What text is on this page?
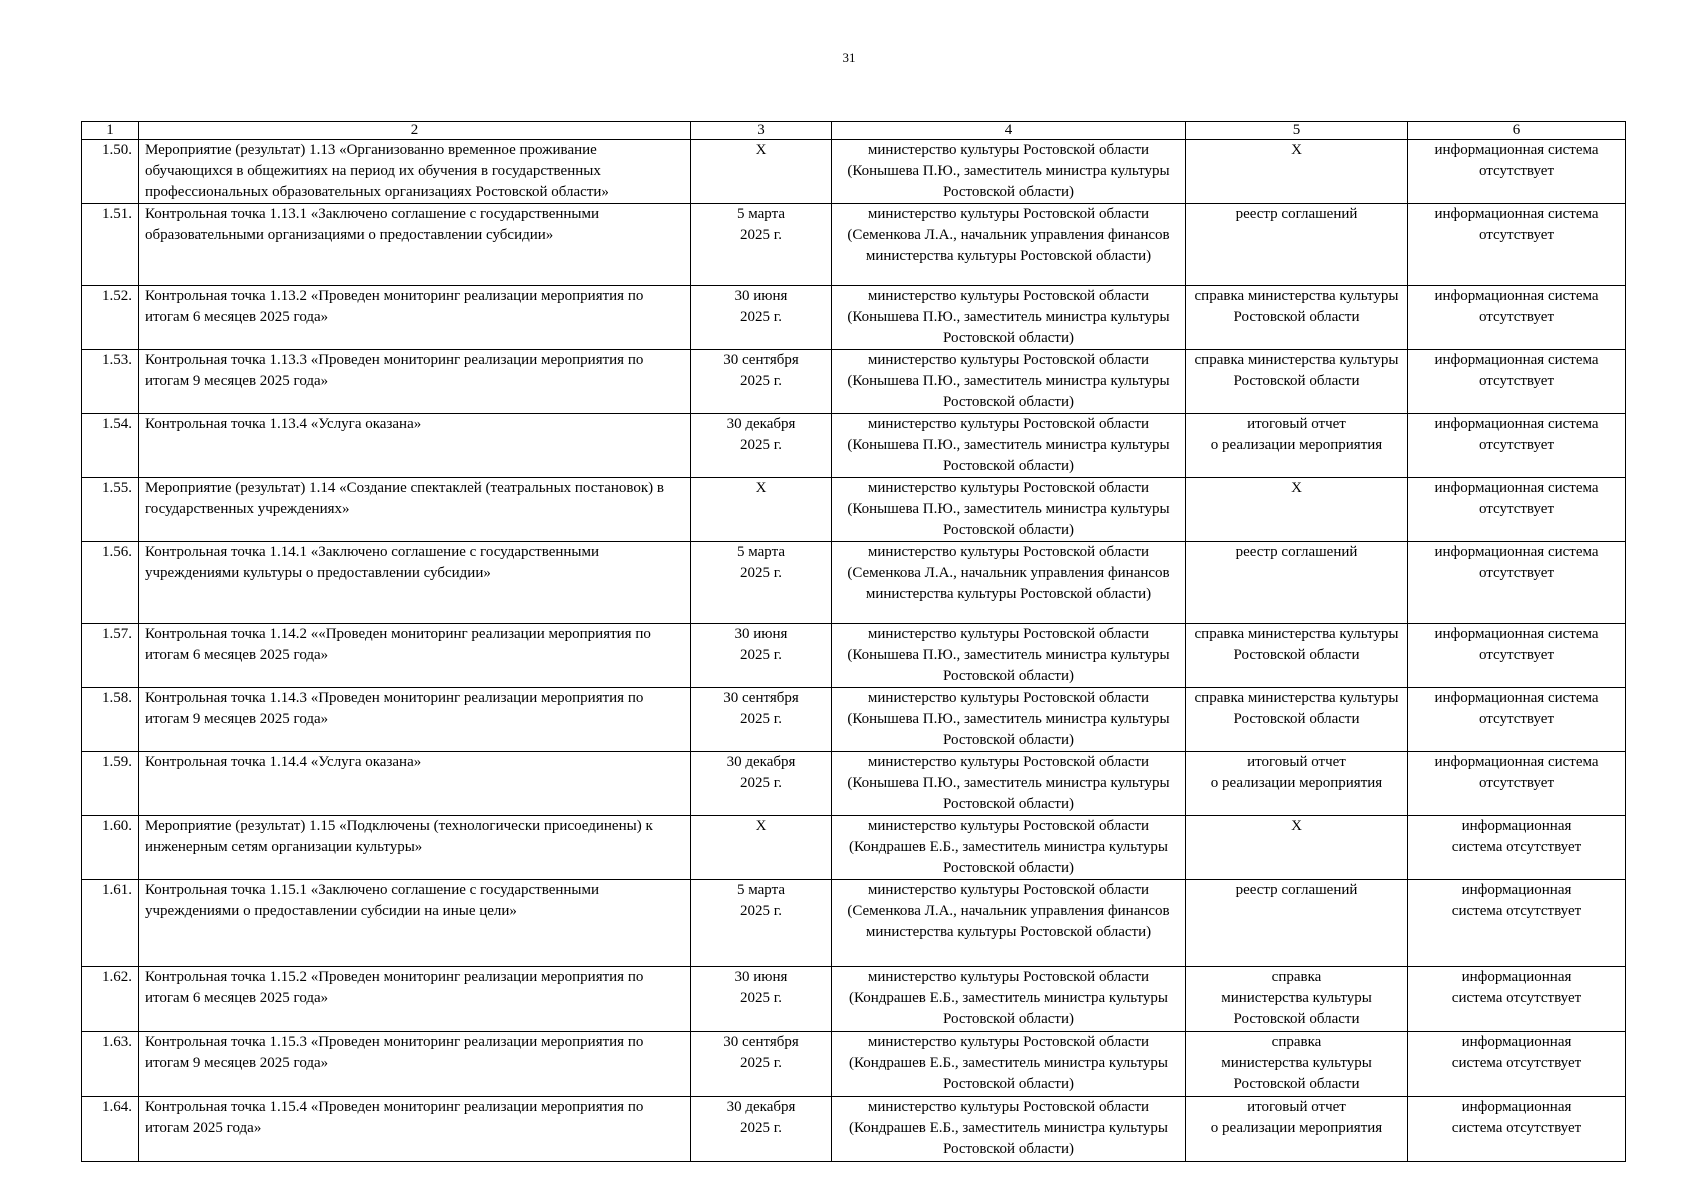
31
1	2	3	4	5	6
1.50.	Мероприятие (результат) 1.13 «Организованно временное проживание обучающихся в общежитиях на период их обучения в государственных профессиональных образовательных организациях Ростовской области»	X	министерство культуры Ростовской области (Конышева П.Ю., заместитель министра культуры Ростовской области)	X	информационная система отсутствует
1.51.	Контрольная точка 1.13.1 «Заключено соглашение с государственными образовательными организациями о предоставлении субсидии»	5 марта
2025 г.	министерство культуры Ростовской области (Семенкова Л.А., начальник управления финансов министерства культуры Ростовской области)	реестр соглашений	информационная система отсутствует
1.52.	Контрольная точка 1.13.2 «Проведен мониторинг реализации мероприятия по итогам 6 месяцев 2025 года»	30 июня
2025 г.	министерство культуры Ростовской области (Конышева П.Ю., заместитель министра культуры Ростовской области)	справка министерства культуры Ростовской области	информационная система отсутствует
1.53.	Контрольная точка 1.13.3 «Проведен мониторинг реализации мероприятия по итогам 9 месяцев 2025 года»	30 сентября
2025 г.	министерство культуры Ростовской области (Конышева П.Ю., заместитель министра культуры Ростовской области)	справка министерства культуры Ростовской области	информационная система отсутствует
1.54.	Контрольная точка 1.13.4 «Услуга оказана»	30 декабря
2025 г.	министерство культуры Ростовской области (Конышева П.Ю., заместитель министра культуры Ростовской области)	итоговый отчет
о реализации мероприятия	информационная система отсутствует
1.55.	Мероприятие (результат) 1.14 «Создание спектаклей (театральных постановок) в государственных учреждениях»	X	министерство культуры Ростовской области (Конышева П.Ю., заместитель министра культуры Ростовской области)	X	информационная система отсутствует
1.56.	Контрольная точка 1.14.1 «Заключено соглашение с государственными учреждениями культуры о предоставлении субсидии»	5 марта
2025 г.	министерство культуры Ростовской области (Семенкова Л.А., начальник управления финансов министерства культуры Ростовской области)	реестр соглашений	информационная система отсутствует
1.57.	Контрольная точка 1.14.2 ««Проведен мониторинг реализации мероприятия по итогам 6 месяцев 2025 года»	30 июня
2025 г.	министерство культуры Ростовской области (Конышева П.Ю., заместитель министра культуры Ростовской области)	справка министерства культуры Ростовской области	информационная система отсутствует
1.58.	Контрольная точка 1.14.3 «Проведен мониторинг реализации мероприятия по итогам 9 месяцев 2025 года»	30 сентября
2025 г.	министерство культуры Ростовской области (Конышева П.Ю., заместитель министра культуры Ростовской области)	справка министерства культуры Ростовской области	информационная система отсутствует
1.59.	Контрольная точка 1.14.4 «Услуга оказана»	30 декабря
2025 г.	министерство культуры Ростовской области (Конышева П.Ю., заместитель министра культуры Ростовской области)	итоговый отчет
о реализации мероприятия	информационная система отсутствует
1.60.	Мероприятие (результат) 1.15 «Подключены (технологически присоединены) к инженерным сетям организации культуры»	X	министерство культуры Ростовской области (Кондрашев Е.Б., заместитель министра культуры Ростовской области)	X	информационная
система отсутствует
1.61.	Контрольная точка 1.15.1 «Заключено соглашение с государственными учреждениями о предоставлении субсидии на иные цели»	5 марта
2025 г.	министерство культуры Ростовской области (Семенкова Л.А., начальник управления финансов министерства культуры Ростовской области)	реестр соглашений	информационная
система отсутствует
1.62.	Контрольная точка 1.15.2 «Проведен мониторинг реализации мероприятия по итогам 6 месяцев 2025 года»	30 июня
2025 г.	министерство культуры Ростовской области (Кондрашев Е.Б., заместитель министра культуры Ростовской области)	справка
министерства культуры Ростовской области	информационная
система отсутствует
1.63.	Контрольная точка 1.15.3 «Проведен мониторинг реализации мероприятия по итогам 9 месяцев 2025 года»	30 сентября
2025 г.	министерство культуры Ростовской области (Кондрашев Е.Б., заместитель министра культуры Ростовской области)	справка
министерства культуры Ростовской области	информационная
система отсутствует
1.64.	Контрольная точка 1.15.4 «Проведен мониторинг реализации мероприятия по итогам 2025 года»	30 декабря
2025 г.	министерство культуры Ростовской области (Кондрашев Е.Б., заместитель министра культуры Ростовской области)	итоговый отчет
о реализации мероприятия	информационная
система отсутствует
